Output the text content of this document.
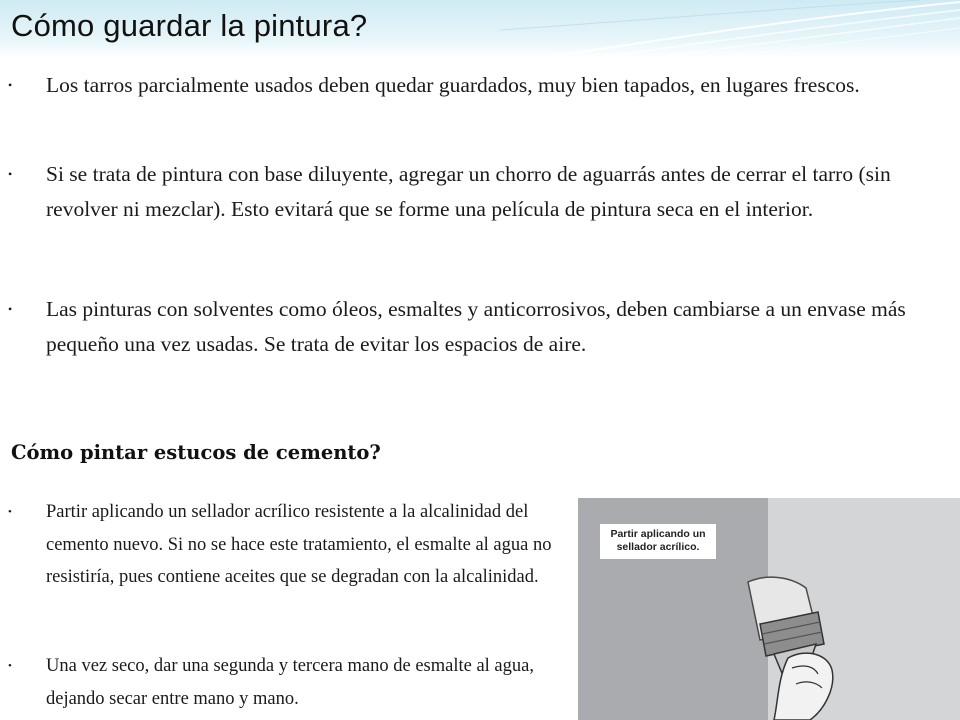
Cómo guardar la pintura?
• Los tarros parcialmente usados deben quedar guardados, muy bien tapados, en lugares frescos.
• Si se trata de pintura con base diluyente, agregar un chorro de aguarrás antes de cerrar el tarro (sin revolver ni mezclar). Esto evitará que se forme una película de pintura seca en el interior.
• Las pinturas con solventes como óleos, esmaltes y anticorrosivos, deben cambiarse a un envase más pequeño una vez usadas. Se trata de evitar los espacios de aire.
Cómo pintar estucos de cemento?
• Partir aplicando un sellador acrílico resistente a la alcalinidad del cemento nuevo. Si no se hace este tratamiento, el esmalte al agua no resistiría, pues contiene aceites que se degradan con la alcalinidad.
• Una vez seco, dar una segunda y tercera mano de esmalte al agua, dejando secar entre mano y mano.
Partir aplicando un
sellador acrílico.
